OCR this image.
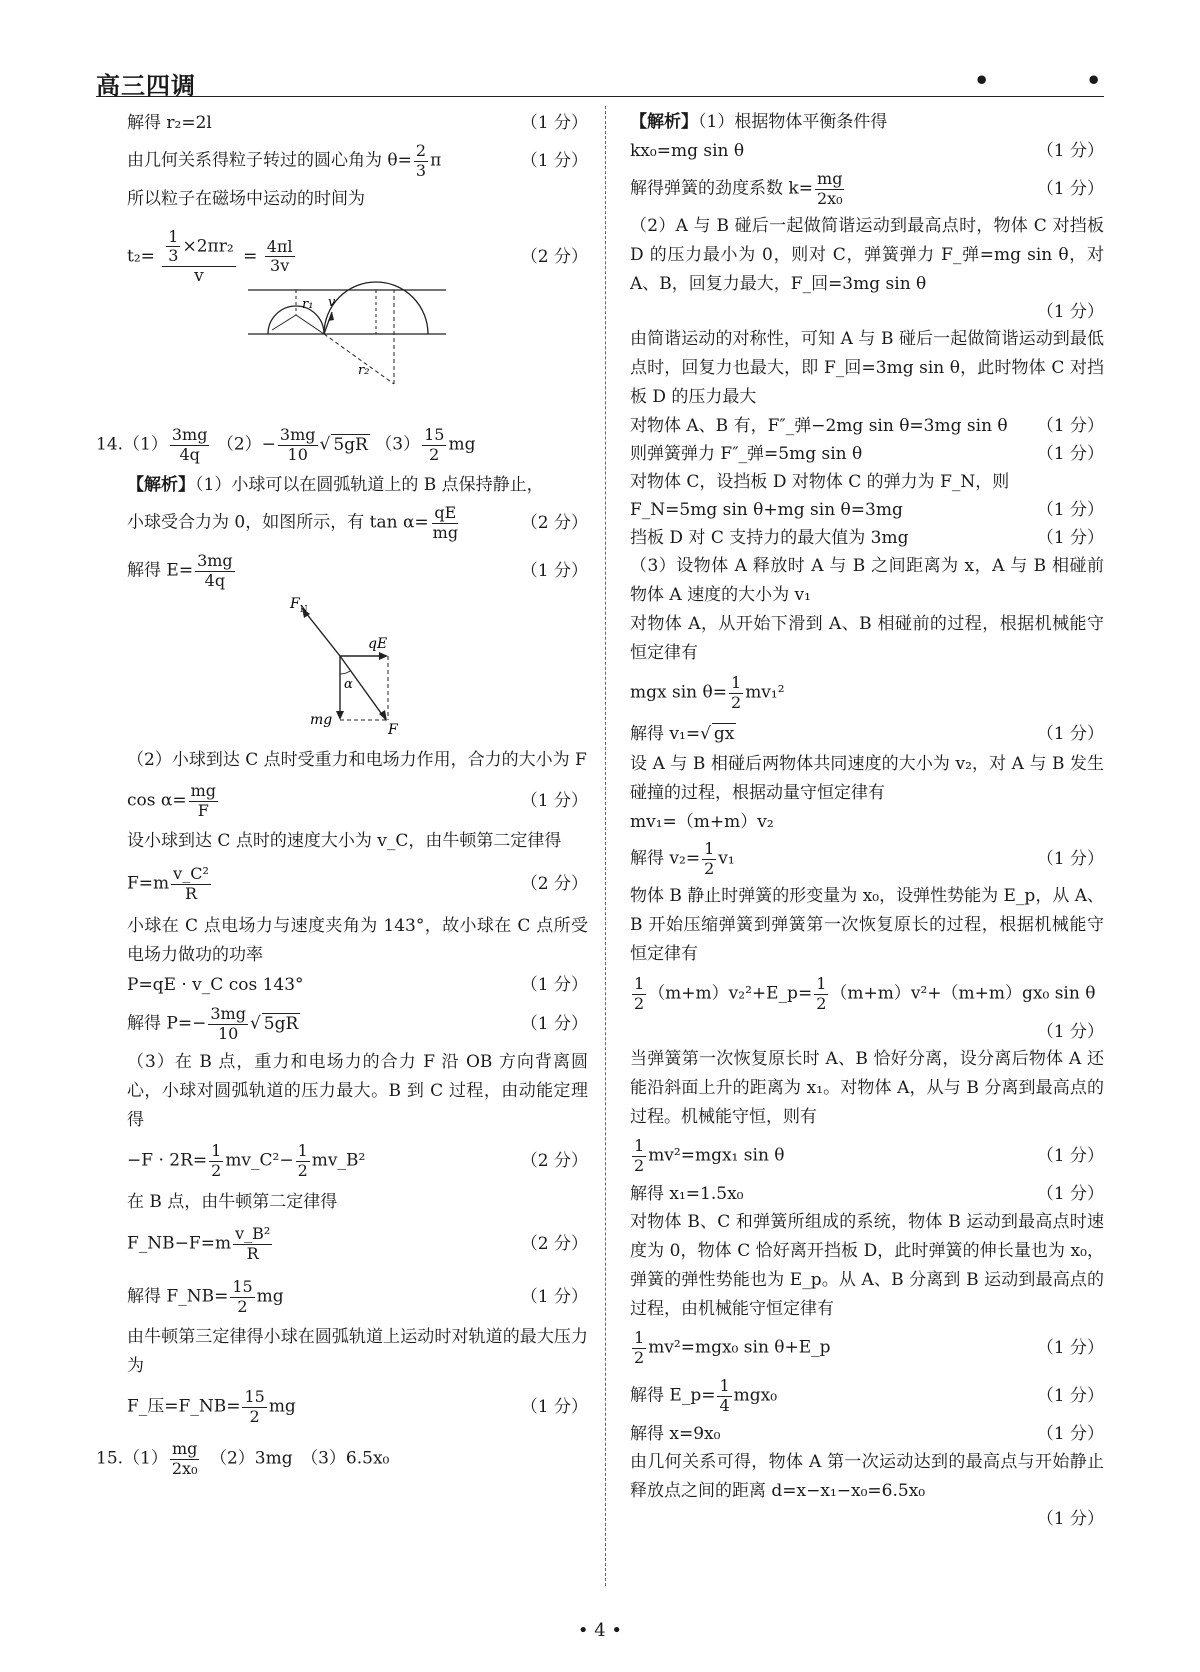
高三四调	•	•
解得 r₂=2l	（1 分）
由几何关系得粒子转过的圆心角为 $\theta= \frac{2}{3}$ π	（1 分）
所以粒子在磁场中运动的时间为
$t_2= \frac{\frac{1}{3} \times 2\pi r_2}{v} = \frac{4\pi l}{3v}$	（2 分）
r₁ v
r₂
$14.(1) \frac{3mg}{4q} (2)- \frac{3mg}{10}$ √ 5gR $(3) \frac{15}{2}$ mg
【解析】（1）小球可以在圆弧轨道上的 B 点保持静止，
小球受合力为 0，如图所示，有 $\tan \alpha= \frac{qE}{mg}$	（2 分）
解得 $E= \frac{3mg}{4q}$	（1 分）
$F_N$
qE
α
mg
F
（2）小球到达 C 点时受重力和电场力作用，合力的大小为 F
$\cos \alpha= \frac{mg}{F}$	（1 分）
设小球到达 C 点时的速度大小为 v_C，由牛顿第二定律得
$F=m \frac{\text{v\_C²}}{R}$	（2 分）
小球在 C 点电场力与速度夹角为 143°，故小球在 C 点所受电场力做功的功率
P=qE · v_C cos 143°	（1 分）
解得 $P=- \frac{3mg}{10}$ √ 5gR	（1 分）
（3）在 B 点，重力和电场力的合力 F 沿 OB 方向背离圆心，小球对圆弧轨道的压力最大。B 到 C 过程，由动能定理得
$-F \cdot 2R= \frac{1}{2}$ mv_C²− $\frac{1}{2}$ mv_B²	（2 分）
在 B 点，由牛顿第二定律得
F_NB−F=m $\frac{\text{v\_B²}}{R}$	（2 分）
解得 F_NB= $\frac{15}{2}$ mg	（1 分）
由牛顿第三定律得小球在圆弧轨道上运动时对轨道的最大压力为
F_压=F_NB= $\frac{15}{2}$ mg	（1 分）
$15.(1) \frac{mg}{\text{2x₀}}$
　 （2）3mg　（3）6.5x₀
【解析】（1）根据物体平衡条件得
kx₀=mg sin θ	（1 分）
解得弹簧的劲度系数 $k= \frac{mg}{\text{2x₀}}$	（1 分）
（2）A 与 B 碰后一起做简谐运动到最高点时，物体 C 对挡板 D 的压力最小为 0，则对 C，弹簧弹力 F_弹=mg sin θ，对 A、B，回复力最大，F_回=3mg sin θ
（1 分）
由简谐运动的对称性，可知 A 与 B 碰后一起做简谐运动到最低点时，回复力也最大，即 F_回=3mg sin θ，此时物体 C 对挡板 D 的压力最大
对物体 A、B 有，F″_弹−2mg sin θ=3mg sin θ （1 分）
则弹簧弹力 F″_弹=5mg sin θ	（1 分）
对物体 C，设挡板 D 对物体 C 的弹力为 F_N，则
F_N=5mg sin θ+mg sin θ=3mg	（1 分）
挡板 D 对 C 支持力的最大值为 3mg	（1 分）
（3）设物体 A 释放时 A 与 B 之间距离为 x，A 与 B 相碰前物体 A 速度的大小为 v₁
对物体 A，从开始下滑到 A、B 相碰前的过程，根据机械能守恒定律有
mgx $\sin \theta= \frac{1}{2} mv_1^2$
解得 v₁=√ gx	（1 分）
设 A 与 B 相碰后两物体共同速度的大小为 v₂，对 A 与 B 发生碰撞的过程，根据动量守恒定律有
mv₁=（m+m）v₂
解得 $v_2= \frac{1}{2} v_1$	（1 分）
物体 B 静止时弹簧的形变量为 x₀，设弹性势能为 E_p，从 A、B 开始压缩弹簧到弹簧第一次恢复原长的过程，根据机械能守恒定律有
$\frac{1}{2}$ （m+m）v₂²+E_p= $\frac{1}{2} (m+m)v^2+(m+m)gx_0$ sin θ
（1 分）
当弹簧第一次恢复原长时 A、B 恰好分离，设分离后物体 A 还能沿斜面上升的距离为 x₁。对物体 A，从与 B 分离到最高点的过程。机械能守恒，则有
$\frac{1}{2} mv^2=mgx_1$ sin θ	（1 分）
解得 x₁=1.5x₀	（1 分）
对物体 B、C 和弹簧所组成的系统，物体 B 运动到最高点时速度为 0，物体 C 恰好离开挡板 D，此时弹簧的伸长量也为 x₀，弹簧的弹性势能也为 E_p。从 A、B 分离到 B 运动到最高点的过程，由机械能守恒定律有
$\frac{1}{2} mv^2=mgx_0$ sin θ+E_p	（1 分）
解得 E_p= $\frac{1}{4} mgx_0$	（1 分）
解得 x=9x₀	（1 分）
由几何关系可得，物体 A 第一次运动达到的最高点与开始静止释放点之间的距离 d=x−x₁−x₀=6.5x₀
（1 分）
• 4 •
